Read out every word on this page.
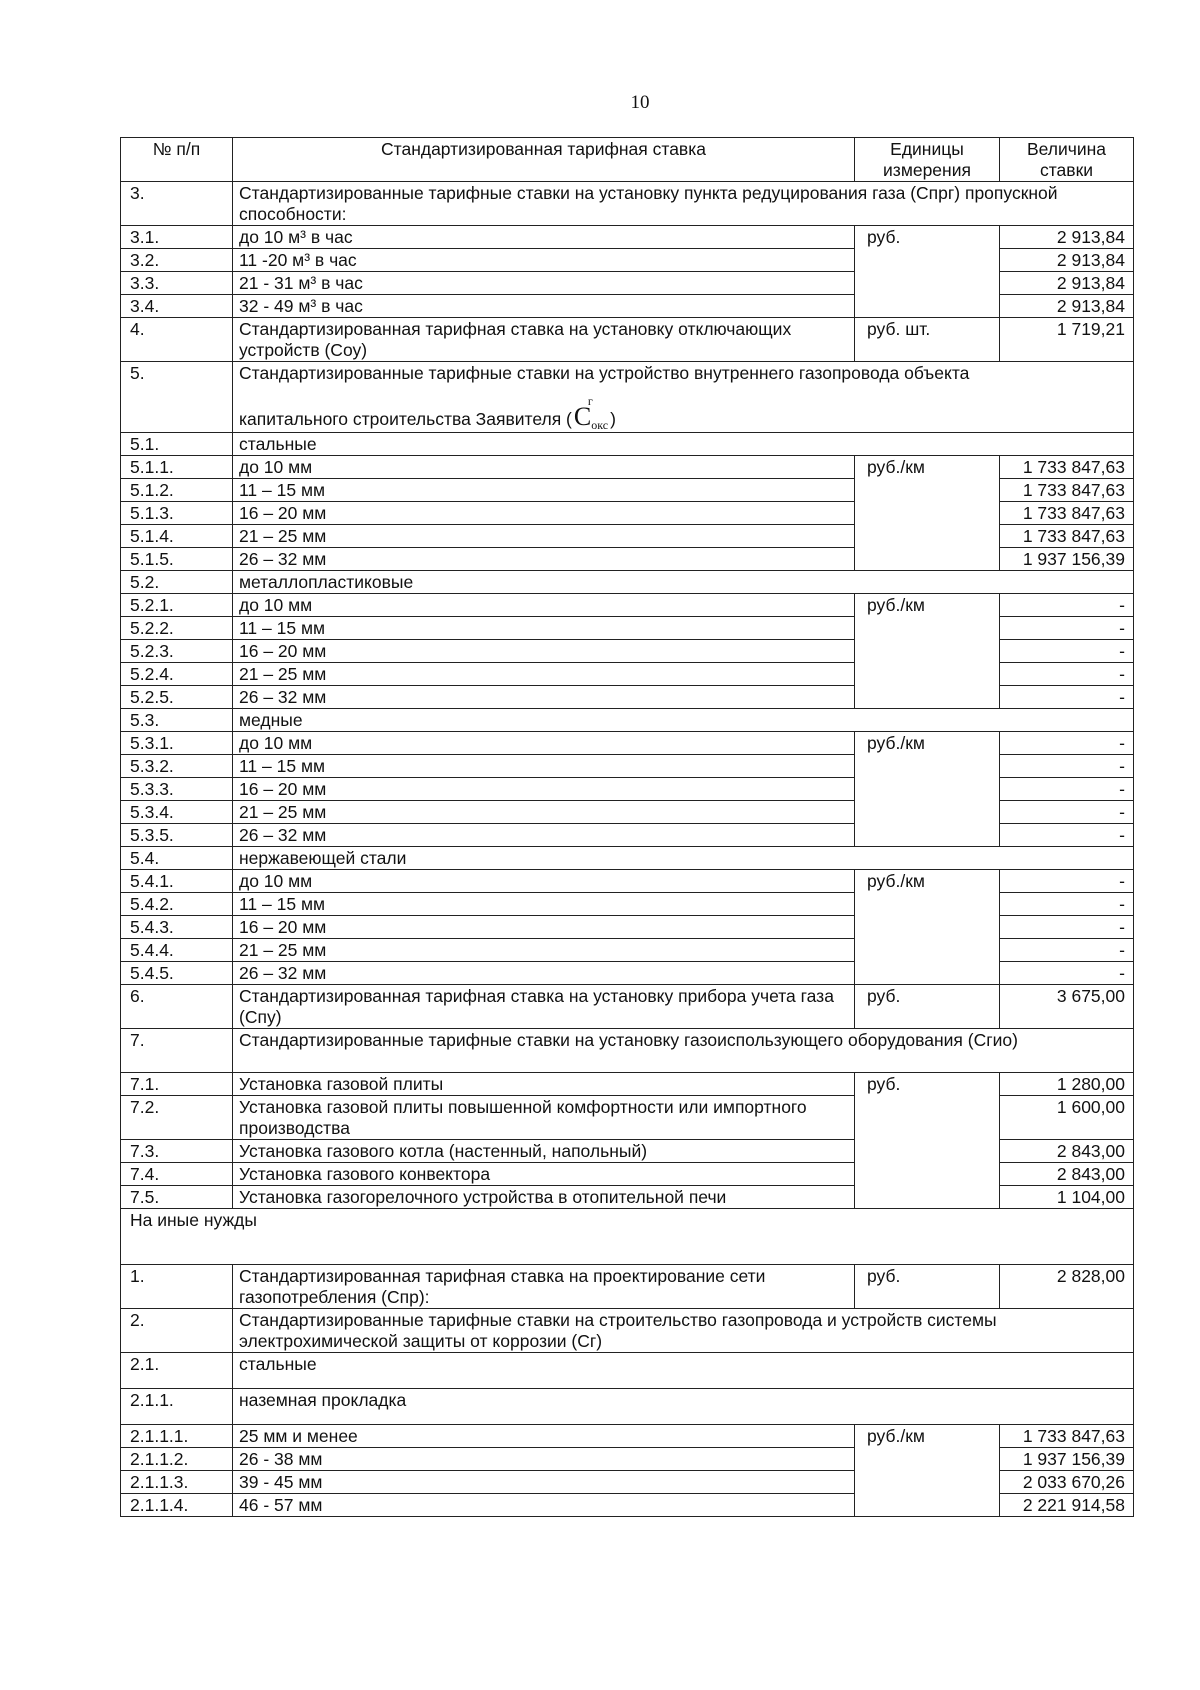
10
№ п/п	Стандартизированная тарифная ставка	Единицы измерения	Величина ставки
3.	Стандартизированные тарифные ставки на установку пункта редуцирования газа (Спрг) пропускной способности:		
3.1.	до 10 м³ в час	руб.	2 913,84
3.2.	11 -20 м³ в час		2 913,84
3.3.	21 - 31 м³ в час		2 913,84
3.4.	32 - 49 м³ в час		2 913,84
4.	Стандартизированная тарифная ставка на установку отключающих устройств (Соу)	руб. шт.	1 719,21
5.	Стандартизированные тарифные ставки на устройство внутреннего газопровода объекта
капитального строительства Заявителя (C
г
$_{окс}$ )		

5.1.	стальные		
5.1.1.	до 10 мм	руб./км	1 733 847,63
5.1.2.	11 – 15 мм		1 733 847,63
5.1.3.	16 – 20 мм		1 733 847,63
5.1.4.	21 – 25 мм		1 733 847,63
5.1.5.	26 – 32 мм		1 937 156,39
5.2.	металлопластиковые		
5.2.1.	до 10 мм	руб./км	-
5.2.2.	11 – 15 мм		-
5.2.3.	16 – 20 мм		-
5.2.4.	21 – 25 мм		-
5.2.5.	26 – 32 мм		-
5.3.	медные		
5.3.1.	до 10 мм	руб./км	-
5.3.2.	11 – 15 мм		-
5.3.3.	16 – 20 мм		-
5.3.4.	21 – 25 мм		-
5.3.5.	26 – 32 мм		-
5.4.	нержавеющей стали		
5.4.1.	до 10 мм	руб./км	-
5.4.2.	11 – 15 мм		-
5.4.3.	16 – 20 мм		-
5.4.4.	21 – 25 мм		-
5.4.5.	26 – 32 мм		-
6.	Стандартизированная тарифная ставка на установку прибора учета газа (Спу)	руб.	3 675,00
7.	Стандартизированные тарифные ставки на установку газоиспользующего оборудования (Сгио)		
7.1.	Установка газовой плиты	руб.	1 280,00
7.2.	Установка газовой плиты повышенной комфортности или импортного производства		1 600,00
7.3.	Установка газового котла (настенный, напольный)		2 843,00
7.4.	Установка газового конвектора		2 843,00
7.5.	Установка газогорелочного устройства в отопительной печи		1 104,00
На иные нужды			
1.	Стандартизированная тарифная ставка на проектирование сети газопотребления (Спр):	руб.	2 828,00
2.	Стандартизированные тарифные ставки на строительство газопровода и устройств системы электрохимической защиты от коррозии (Сг)		
2.1.	стальные		
2.1.1.	наземная прокладка		
2.1.1.1.	25 мм и менее	руб./км	1 733 847,63
2.1.1.2.	26 - 38 мм		1 937 156,39
2.1.1.3.	39 - 45 мм		2 033 670,26
2.1.1.4.	46 - 57 мм		2 221 914,58
